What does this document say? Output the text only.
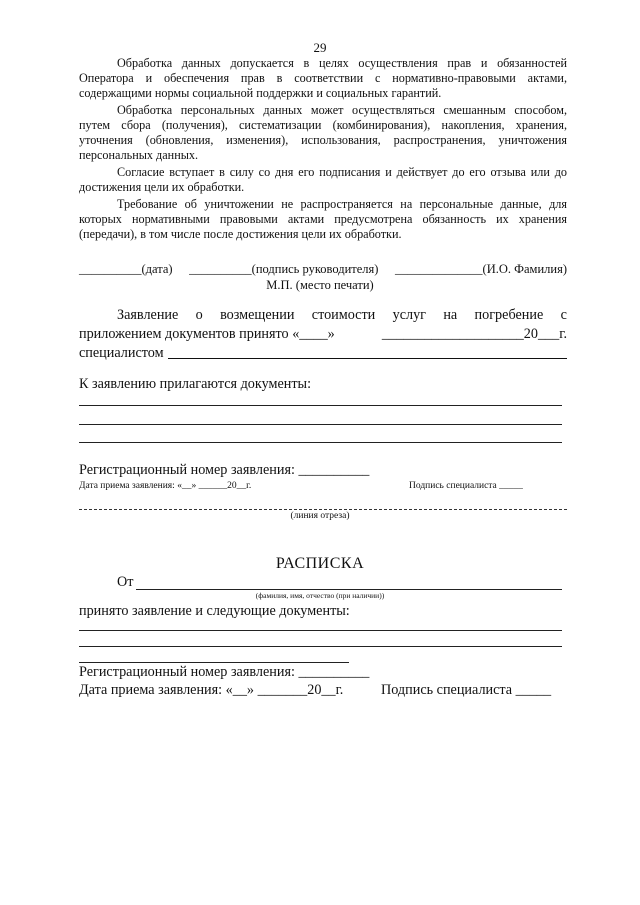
29

Обработка данных допускается в целях осуществления прав и обязанностей Оператора и обеспечения прав в соответствии с нормативно-правовыми актами, содержащими нормы социальной поддержки и социальных гарантий.

Обработка персональных данных может осуществляться смешанным способом, путем сбора (получения), систематизации (комбинирования), накопления, хранения, уточнения (обновления, изменения), использования, распространения, уничтожения персональных данных.

Согласие вступает в силу со дня его подписания и действует до его отзыва или до достижения цели их обработки.

Требование об уничтожении не распространяется на персональные данные, для которых нормативными правовыми актами предусмотрена обязанность их хранения (передачи), в том числе после достижения цели их обработки.

__________(дата) __________(подпись руководителя) ______________(И.О. Фамилия)
М.П. (место печати)
Заявление о возмещении стоимости услуг на погребение с
приложением документов принято «____»	____________________20___г.
специалистом
К заявлению прилагаются документы:
Регистрационный номер заявления: __________
Дата приема заявления: «__» ______20__г.	Подпись специалиста _____
(линия отреза)
РАСПИСКА
От
(фамилия, имя, отчество (при наличии))
принято заявление и следующие документы:
Регистрационный номер заявления: __________
Дата приема заявления: «__» _______20__г.	Подпись специалиста _____
